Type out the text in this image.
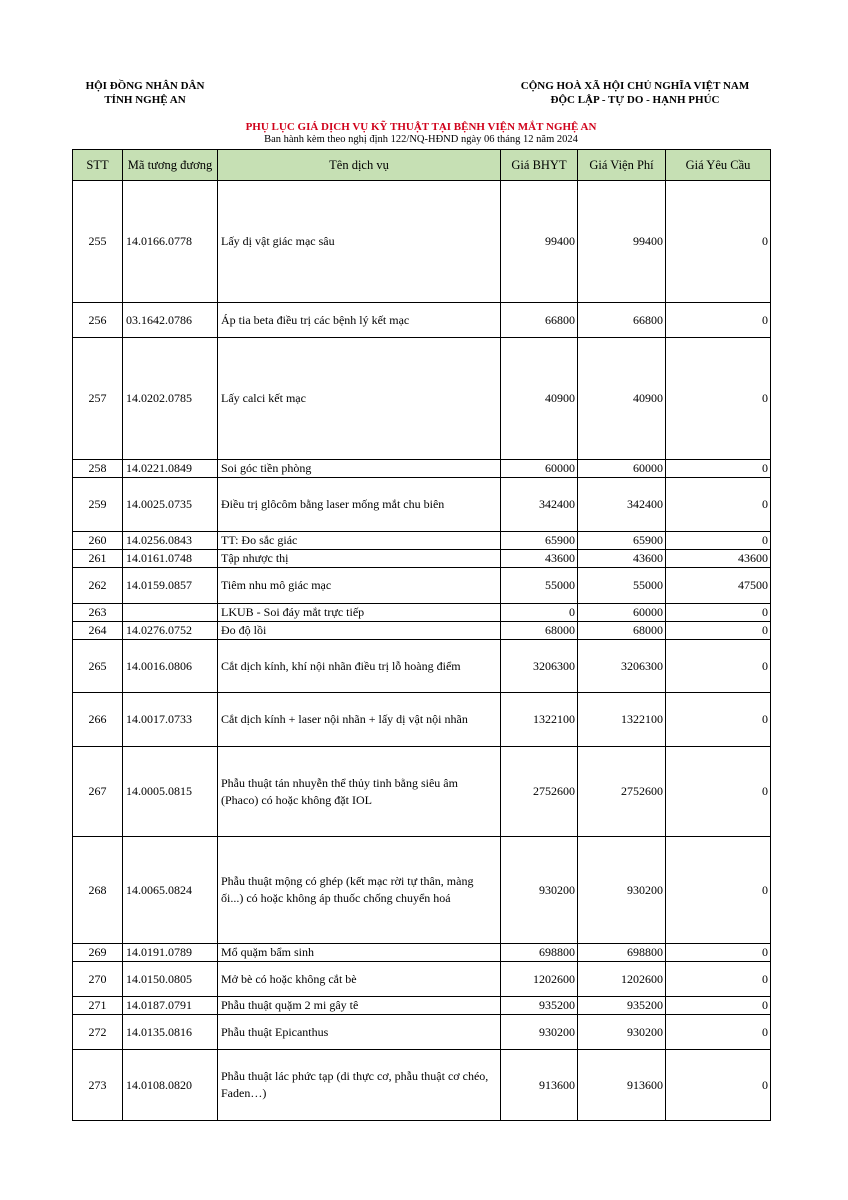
HỘI ĐỒNG NHÂN DÂN
TỈNH NGHỆ AN
CỘNG HOÀ XÃ HỘI CHỦ NGHĨA VIỆT NAM
ĐỘC LẬP - TỰ DO - HẠNH PHÚC
PHỤ LỤC GIÁ DỊCH VỤ KỸ THUẬT TẠI BỆNH VIỆN MẮT NGHỆ AN
Ban hành kèm theo nghị định 122/NQ-HĐND ngày 06 tháng 12 năm 2024
STT	Mã tương đương	Tên dịch vụ	Giá BHYT	Giá Viện Phí	Giá Yêu Cầu
255	14.0166.0778	Lấy dị vật giác mạc sâu	99400	99400	0
256	03.1642.0786	Áp tia beta điều trị các bệnh lý kết mạc	66800	66800	0
257	14.0202.0785	Lấy calci kết mạc	40900	40900	0
258	14.0221.0849	Soi góc tiền phòng	60000	60000	0
259	14.0025.0735	Điều trị glôcôm bằng laser mống mắt chu biên	342400	342400	0
260	14.0256.0843	TT: Đo sắc giác	65900	65900	0
261	14.0161.0748	Tập nhược thị	43600	43600	43600
262	14.0159.0857	Tiêm nhu mô giác mạc	55000	55000	47500
263		LKUB - Soi đáy mắt trực tiếp	0	60000	0
264	14.0276.0752	Đo độ lồi	68000	68000	0
265	14.0016.0806	Cắt dịch kính, khí nội nhãn điều trị lỗ hoàng điểm	3206300	3206300	0
266	14.0017.0733	Cắt dịch kính + laser nội nhãn + lấy dị vật nội nhãn	1322100	1322100	0
267	14.0005.0815	Phẫu thuật tán nhuyễn thể thủy tinh bằng siêu âm (Phaco) có hoặc không đặt IOL	2752600	2752600	0
268	14.0065.0824	Phẫu thuật mộng có ghép (kết mạc rời tự thân, màng ối...) có hoặc không áp thuốc chống chuyển hoá	930200	930200	0
269	14.0191.0789	Mổ quặm bẩm sinh	698800	698800	0
270	14.0150.0805	Mở bè có hoặc không cắt bè	1202600	1202600	0
271	14.0187.0791	Phẫu thuật quặm 2 mi gây tê	935200	935200	0
272	14.0135.0816	Phẫu thuật Epicanthus	930200	930200	0
273	14.0108.0820	Phẫu thuật lác phức tạp (di thực cơ, phẫu thuật cơ chéo, Faden…)	913600	913600	0
